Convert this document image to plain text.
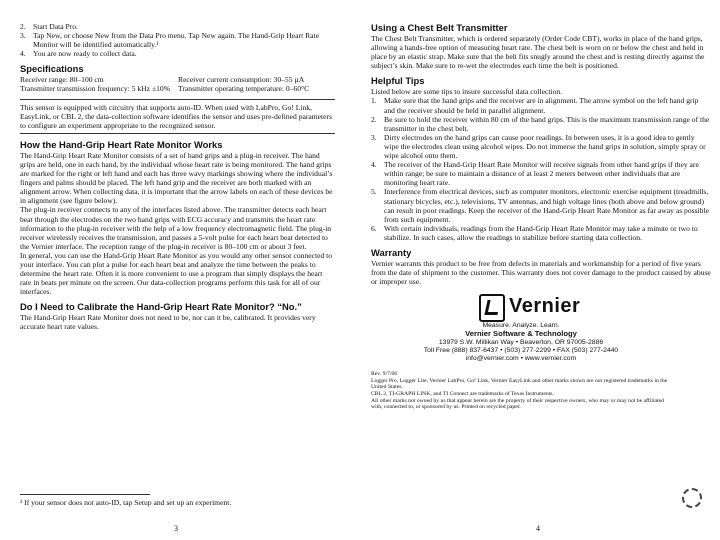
2. Start Data Pro.
3. Tap New, or choose New from the Data Pro menu. Tap New again. The Hand-Grip Heart Rate Monitor will be identified automatically.¹
4. You are now ready to collect data.
Specifications
Receiver range: 80–100 cm	Receiver current consumption: 30–55 µA
Transmitter transmission frequency: 5 kHz ±10%	Transmitter operating temperature: 0–60°C

This sensor is equipped with circuitry that supports auto-ID. When used with LabPro, Go! Link, EasyLink, or CBL 2, the data-collection software identifies the sensor and uses pre-defined parameters to configure an experiment appropriate to the recognized sensor.

How the Hand-Grip Heart Rate Monitor Works

The Hand-Grip Heart Rate Monitor consists of a set of hand grips and a plug-in receiver. The hand grips are held, one in each hand, by the individual whose heart rate is being monitored. The hand grips are marked for the right or left hand and each has three wavy markings showing where the individual’s fingers and palms should be placed. The left hand grip and the receiver are both marked with an alignment arrow. When collecting data, it is important that the arrow labels on each of these devices be in alignment (see figure below).

The plug-in receiver connects to any of the interfaces listed above. The transmitter detects each heart beat through the electrodes on the two hand grips with ECG accuracy and transmits the heart rate information to the plug-in receiver with the help of a low frequency electromagnetic field. The plug-in receiver wirelessly receives the transmission, and passes a 5-volt pulse for each heart beat detected to the Vernier interface. The reception range of the plug-in receiver is 80–100 cm or about 3 feet.

In general, you can use the Hand-Grip Heart Rate Monitor as you would any other sensor connected to your interface. You can plot a pulse for each heart beat and analyze the time between the peaks to determine the heart rate. Often it is more convenient to use a program that simply displays the heart rate in beats per minute on the screen. Our data-collection programs perform this task for all of our interfaces.

Do I Need to Calibrate the Hand-Grip Heart Rate Monitor? “No.”

The Hand-Grip Heart Rate Monitor does not need to be, nor can it be, calibrated. It provides very accurate heart rate values.

¹ If your sensor does not auto-ID, tap Setup and set up an experiment.
3
Using a Chest Belt Transmitter

The Chest Belt Transmitter, which is ordered separately (Order Code CBT), works in place of the hand grips, allowing a hands-free option of measuring heart rate. The chest belt is worn on or below the chest and held in place by an elastic strap. Make sure that the belt fits snugly around the chest and is resting directly against the subject’s skin. Make sure to re-wet the electrodes each time the belt is positioned.

Helpful Tips

Listed below are some tips to insure successful data collection.

1. Make sure that the hand grips and the receiver are in alignment. The arrow symbol on the left hand grip and the receiver should be held in parallel alignment.
2. Be sure to hold the receiver within 80 cm of the hand grips. This is the maximum transmission range of the transmitter in the chest belt.
3. Dirty electrodes on the hand grips can cause poor readings. In between uses, it is a good idea to gently wipe the electrodes clean using alcohol wipes. Do not immerse the hand grips in solution, simply spray or wipe alcohol onto them.
4. The receiver of the Hand-Grip Heart Rate Monitor will receive signals from other hand grips if they are within range; be sure to maintain a distance of at least 2 meters between other individuals that are monitoring heart rate.
5. Interference from electrical devices, such as computer monitors, electronic exercise equipment (treadmills, stationary bicycles, etc.), televisions, TV antennas, and high voltage lines (both above and below ground) can result in poor readings. Keep the receiver of the Hand-Grip Heart Rate Monitor as far away as possible from such equipment.
6. With certain individuals, readings from the Hand-Grip Heart Rate Monitor may take a minute or two to stabilize. In such cases, allow the readings to stabilize before starting data collection.
Warranty

Vernier warrants this product to be free from defects in materials and workmanship for a period of five years from the date of shipment to the customer. This warranty does not cover damage to the product caused by abuse or improper use.

Vernier
Measure. Analyze. Learn.
Vernier Software & Technology
13979 S.W. Millikan Way • Beaverton, OR 97005-2886
Toll Free (888) 837-6437 • (503) 277-2299 • FAX (503) 277-2440
info@vernier.com • www.vernier.com
Rev. 9/7/06
Logger Pro, Logger Lite, Vernier LabPro, Go! Link, Vernier EasyLink and other marks shown are our registered trademarks in the United States.
CBL 2, TI-GRAPH LINK, and TI Connect are trademarks of Texas Instruments.
All other marks not owned by us that appear herein are the property of their respective owners, who may or may not be affiliated with, connected to, or sponsored by us. Printed on recycled paper.
4
